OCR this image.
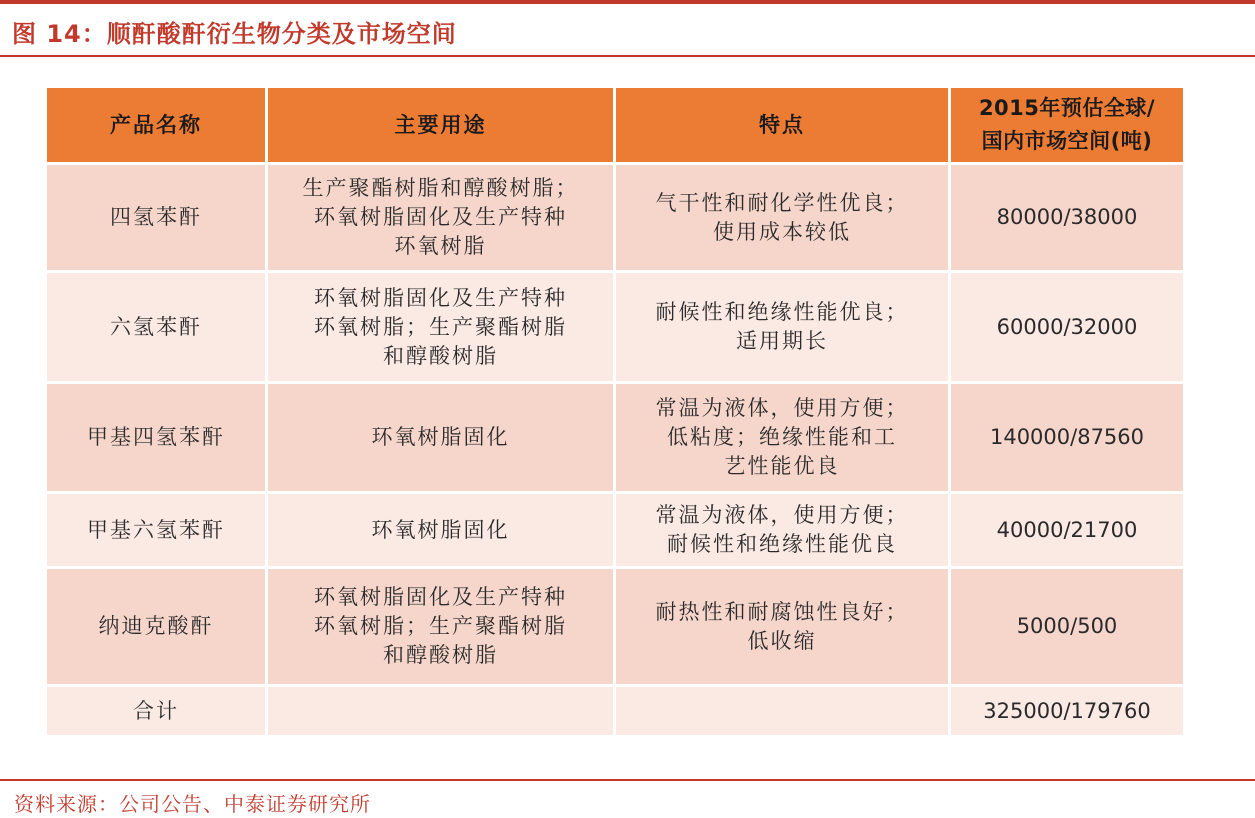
图 14：顺酐酸酐衍生物分类及市场空间
产品名称	主要用途	特点	2015年预估全球/
国内市场空间(吨)

四氢苯酐	生产聚酯树脂和醇酸树脂；
环氧树脂固化及生产特种
环氧树脂	气干性和耐化学性优良；
使用成本较低	80000/38000
六氢苯酐	环氧树脂固化及生产特种
环氧树脂；生产聚酯树脂
和醇酸树脂	耐候性和绝缘性能优良；
适用期长	60000/32000
甲基四氢苯酐	环氧树脂固化	常温为液体，使用方便；
低粘度；绝缘性能和工
艺性能优良	140000/87560
甲基六氢苯酐	环氧树脂固化	常温为液体，使用方便；
耐候性和绝缘性能优良	40000/21700
纳迪克酸酐	环氧树脂固化及生产特种
环氧树脂；生产聚酯树脂
和醇酸树脂	耐热性和耐腐蚀性良好；
低收缩	5000/500
合计			325000/179760
资料来源：公司公告、中泰证券研究所
